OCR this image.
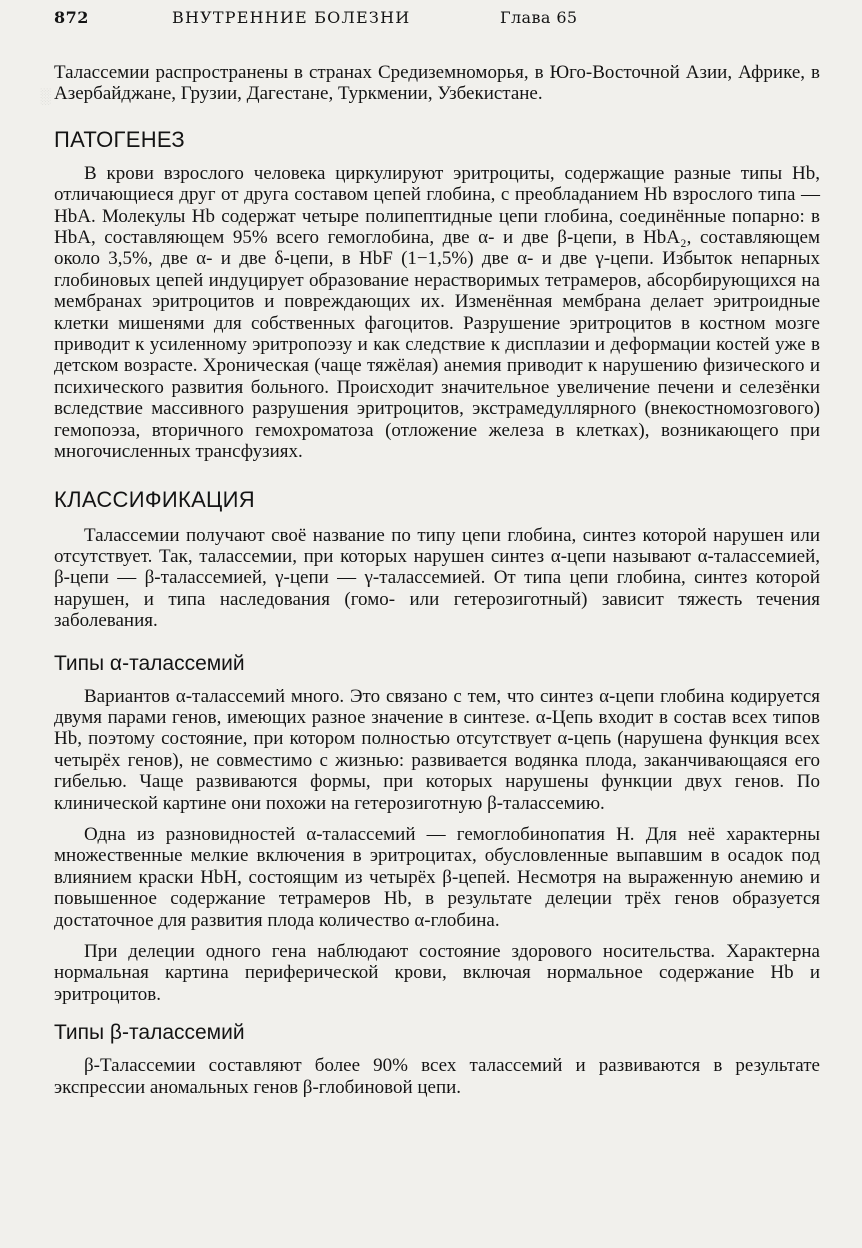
░
872	ВНУТРЕННИЕ БОЛЕЗНИ	Глава 65

Талассемии распространены в странах Средиземноморья, в Юго-Восточной Азии, Африке, в Азербайджане, Грузии, Дагестане, Туркмении, Узбекистане.

ПАТОГЕНЕЗ

В крови взрослого человека циркулируют эритроциты, содержащие разные типы Hb, отличающиеся друг от друга составом цепей глобина, с преобладанием Hb взрослого типа — HbA. Молекулы Hb содержат четыре полипептидные цепи глобина, соединённые попарно: в HbA, составляющем 95% всего гемоглобина, две α- и две β-цепи, в HbA₂, составляющем около 3,5%, две α- и две δ-цепи, в HbF (1−1,5%) две α- и две γ-цепи. Избыток непарных глобиновых цепей индуцирует образование нерастворимых тетрамеров, абсорбирующихся на мембранах эритроцитов и повреждающих их. Изменённая мембрана делает эритроидные клетки мишенями для собственных фагоцитов. Разрушение эритроцитов в костном мозге приводит к усиленному эритропоэзу и как следствие к дисплазии и деформации костей уже в детском возрасте. Хроническая (чаще тяжёлая) анемия приводит к нарушению физического и психического развития больного. Происходит значительное увеличение печени и селезёнки вследствие массивного разрушения эритроцитов, экстрамедуллярного (внекостномозгового) гемопоэза, вторичного гемохроматоза (отложение железа в клетках), возникающего при многочисленных трансфузиях.

КЛАССИФИКАЦИЯ

Талассемии получают своё название по типу цепи глобина, синтез которой нарушен или отсутствует. Так, талассемии, при которых нарушен синтез α-цепи называют α-талассемией, β-цепи — β-талассемией, γ-цепи — γ-талассемией. От типа цепи глобина, синтез которой нарушен, и типа наследования (гомо- или гетерозиготный) зависит тяжесть течения заболевания.

Типы α-талассемий

Вариантов α-талассемий много. Это связано с тем, что синтез α-цепи глобина кодируется двумя парами генов, имеющих разное значение в синтезе. α-Цепь входит в состав всех типов Hb, поэтому состояние, при котором полностью отсутствует α-цепь (нарушена функция всех четырёх генов), не совместимо с жизнью: развивается водянка плода, заканчивающаяся его гибелью. Чаще развиваются формы, при которых нарушены функции двух генов. По клинической картине они похожи на гетерозиготную β-талассемию.

Одна из разновидностей α-талассемий — гемоглобинопатия H. Для неё характерны множественные мелкие включения в эритроцитах, обусловленные выпавшим в осадок под влиянием краски HbH, состоящим из четырёх β-цепей. Несмотря на выраженную анемию и повышенное содержание тетрамеров Hb, в результате делеции трёх генов образуется достаточное для развития плода количество α-глобина.

При делеции одного гена наблюдают состояние здорового носительства. Характерна нормальная картина периферической крови, включая нормальное содержание Hb и эритроцитов.

Типы β-талассемий

β-Талассемии составляют более 90% всех талассемий и развиваются в результате экспрессии аномальных генов β-глобиновой цепи.
